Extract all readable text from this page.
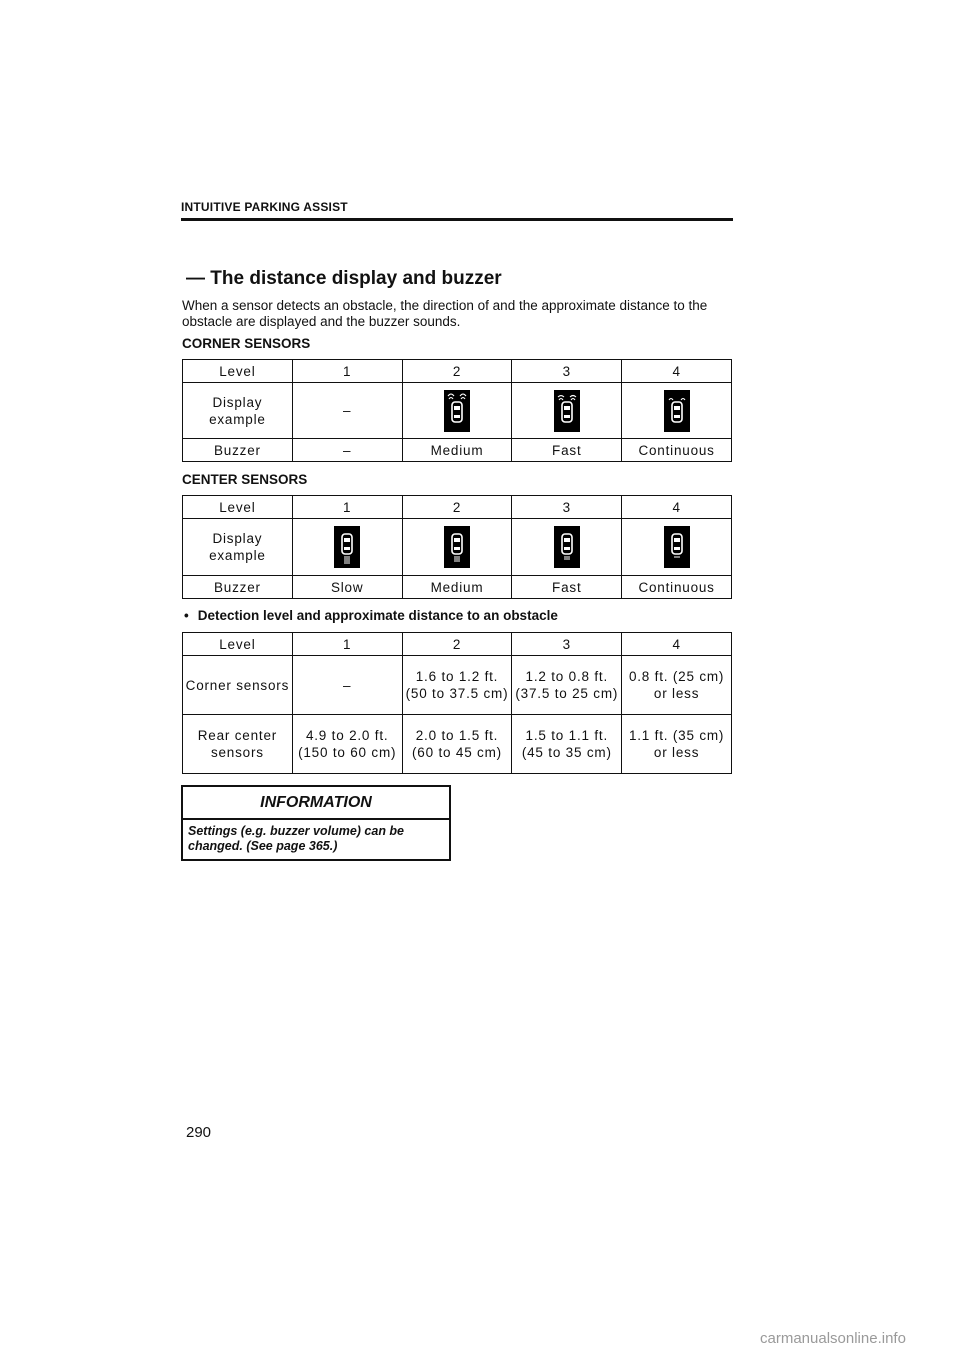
INTUITIVE PARKING ASSIST
— The distance display and buzzer
When a sensor detects an obstacle, the direction of and the approximate distance to the obstacle are displayed and the buzzer sounds.
CORNER SENSORS
Level	1	2	3	4
Display example	–	

Buzzer	–	Medium	Fast	Continuous
CENTER SENSORS
Level	1	2	3	4
Display example	

Buzzer	Slow	Medium	Fast	Continuous
• Detection level and approximate distance to an obstacle
Level	1	2	3	4
Corner sensors	–	1.6 to 1.2 ft. (50 to 37.5 cm)	1.2 to 0.8 ft. (37.5 to 25 cm)	0.8 ft. (25 cm) or less
Rear center sensors	4.9 to 2.0 ft. (150 to 60 cm)	2.0 to 1.5 ft. (60 to 45 cm)	1.5 to 1.1 ft. (45 to 35 cm)	1.1 ft. (35 cm) or less
INFORMATION
Settings (e.g. buzzer volume) can be changed. (See page 365.)
290
carmanualsonline.info
